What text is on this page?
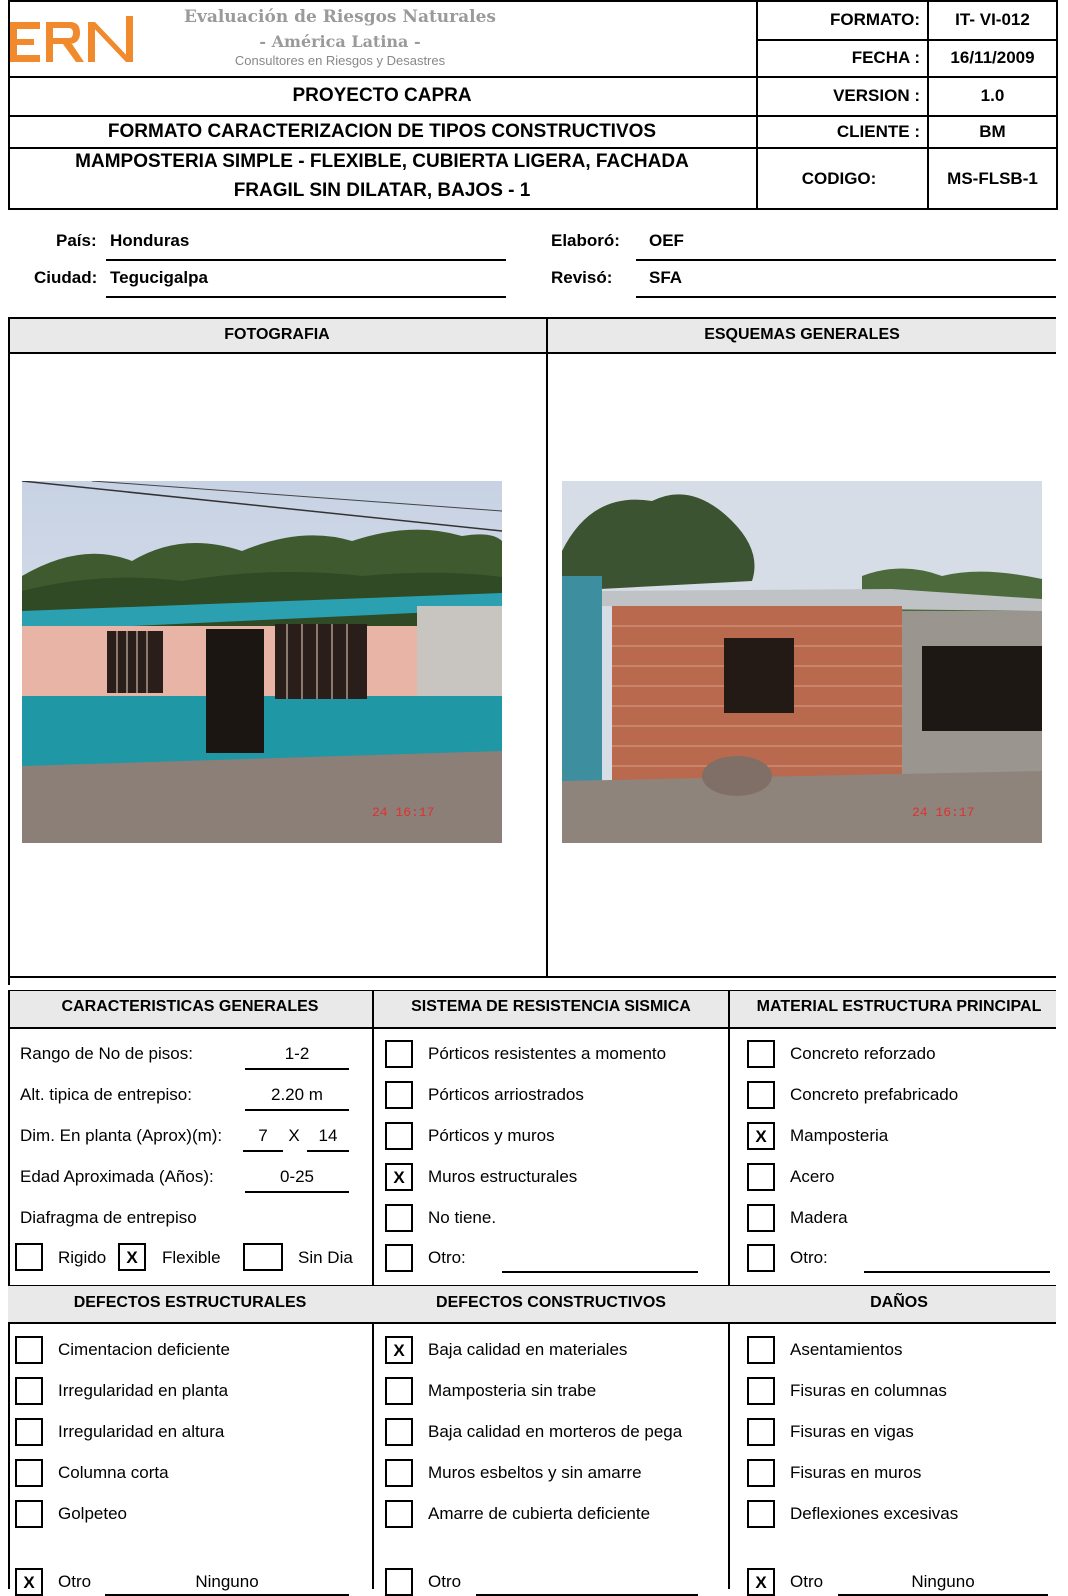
Evaluación de Riesgos Naturales
- América Latina -
Consultores en Riesgos y Desastres
PROYECTO CAPRA
FORMATO CARACTERIZACION DE TIPOS CONSTRUCTIVOS
MAMPOSTERIA SIMPLE - FLEXIBLE, CUBIERTA LIGERA, FACHADA
FRAGIL SIN DILATAR, BAJOS - 1
FORMATO:	IT- VI-012
FECHA :	16/11/2009
VERSION :	1.0
CLIENTE :	BM
CODIGO:	MS-FLSB-1
País: Honduras
Ciudad: Tegucigalpa
Elaboró: OEF
Revisó: SFA
FOTOGRAFIA	ESQUEMAS GENERALES
24 16:17	24 16:17
CARACTERISTICAS GENERALES	SISTEMA DE RESISTENCIA SISMICA	MATERIAL ESTRUCTURA PRINCIPAL
Rango de No de pisos:	1-2
Alt. tipica de entrepiso:	2.20 m
Dim. En planta (Aprox)(m):	7	X	14
Edad Aproximada (Años):	0-25
Diafragma de entrepiso
Rigido	X	Flexible	Sin Dia
Pórticos resistentes a momento
Pórticos arriostrados
Pórticos y muros
X	Muros estructurales
No tiene.
Otro:
Concreto reforzado
Concreto prefabricado
X	Mamposteria
Acero
Madera
Otro:
DEFECTOS ESTRUCTURALES	DEFECTOS CONSTRUCTIVOS	DAÑOS
Cimentacion deficiente
Irregularidad en planta
Irregularidad en altura
Columna corta
Golpeteo
X	Otro	Ninguno
X	Baja calidad en materiales
Mamposteria sin trabe
Baja calidad en morteros de pega
Muros esbeltos y sin amarre
Amarre de cubierta deficiente
Otro
Asentamientos
Fisuras en columnas
Fisuras en vigas
Fisuras en muros
Deflexiones excesivas
X	Otro	Ninguno
